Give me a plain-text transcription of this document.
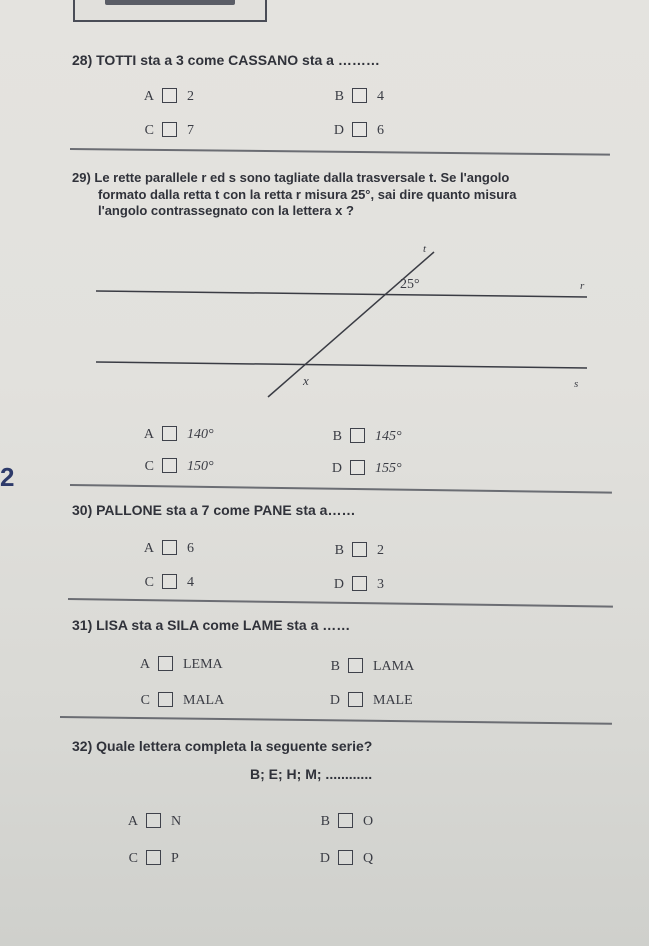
28) TOTTI sta a 3 come CASSANO sta a ………
A 2	B 4
C 7	D 6
29) Le rette parallele r ed s sono tagliate dalla trasversale t. Se l'angolo
formato dalla retta t con la retta r misura 25°, sai dire quanto misura
l'angolo contrassegnato con la lettera x ?
t
r
s
25°
x
A 140°	B 145°
C 150°	D 155°
2
30) PALLONE sta a 7 come PANE sta a……
A 6	B 2
C 4	D 3
31) LISA sta a SILA come LAME sta a ……
A LEMA	B LAMA
C MALA	D MALE
32) Quale lettera completa la seguente serie?
B; E; H; M; ............
A N	B O
C P	D Q
